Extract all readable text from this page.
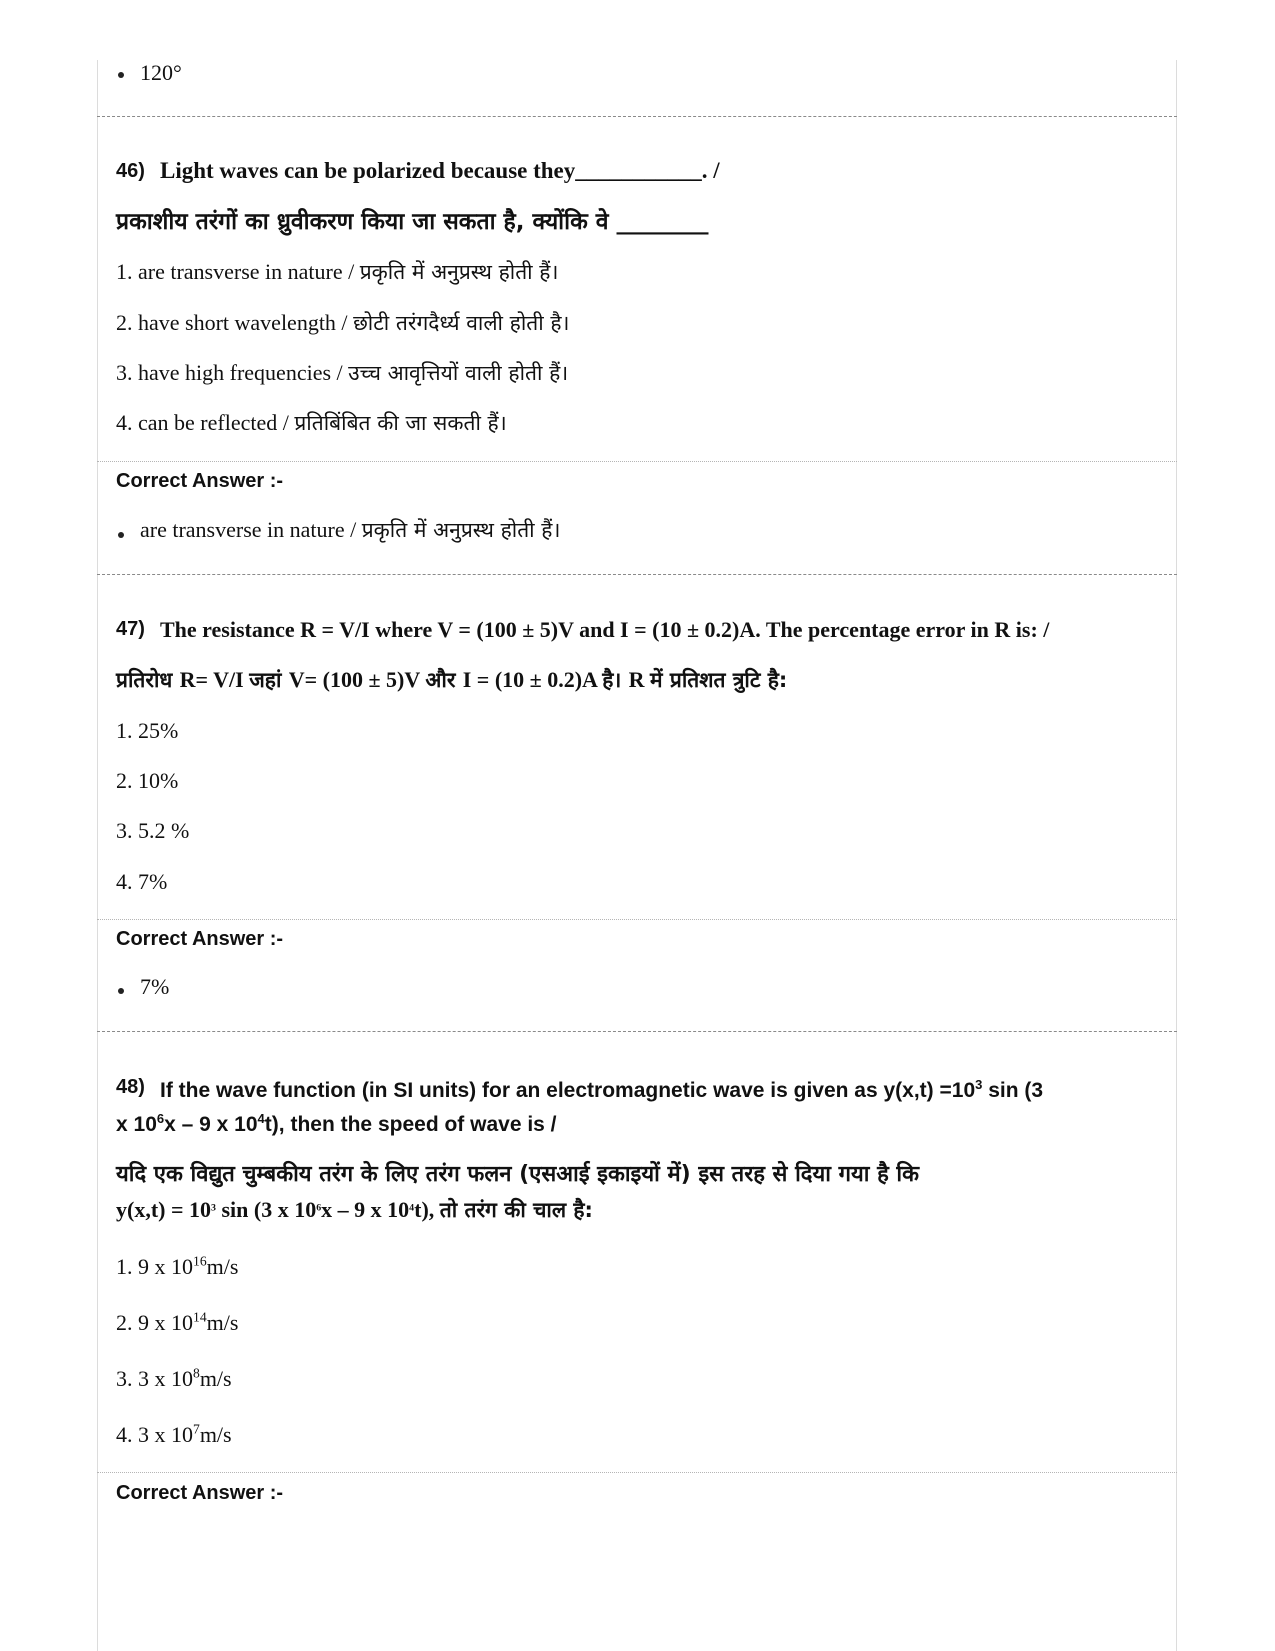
120°
46) Light waves can be polarized because they___________. /
प्रकाशीय तरंगों का ध्रुवीकरण किया जा सकता है, क्योंकि वे ________
1. are transverse in nature / प्रकृति में अनुप्रस्थ होती हैं।
2. have short wavelength / छोटी तरंगदैर्ध्य वाली होती है।
3. have high frequencies / उच्च आवृत्तियों वाली होती हैं।
4. can be reflected / प्रतिबिंबित की जा सकती हैं।
Correct Answer :-
are transverse in nature / प्रकृति में अनुप्रस्थ होती हैं।
47) The resistance R = V/I where V = (100 ± 5)V and I = (10 ± 0.2)A. The percentage error in R is: /
प्रतिरोध R= V/I जहां V= (100 ± 5)V और I = (10 ± 0.2)A है। R में प्रतिशत त्रुटि है:
1. 25%
2. 10%
3. 5.2 %
4. 7%
Correct Answer :-
7%
48) If the wave function (in SI units) for an electromagnetic wave is given as $y(x,t) =10^3$ sin (3
x $10^6x - 9$ x $10^4t$), then the speed of wave is /
यदि एक विद्युत चुम्बकीय तरंग के लिए तरंग फलन (एसआई इकाइयों में) इस तरह से दिया गया है कि
$y(x,t) = 10^3$ sin (3 x $10^6x - 9$ x $10^4t$), तो तरंग की चाल है:
1. 9 x $10^{16}m/s$
2. 9 x $10^{14}m/s$
3. 3 x $10^8m/s$
4. 3 x $10^7m/s$
Correct Answer :-
